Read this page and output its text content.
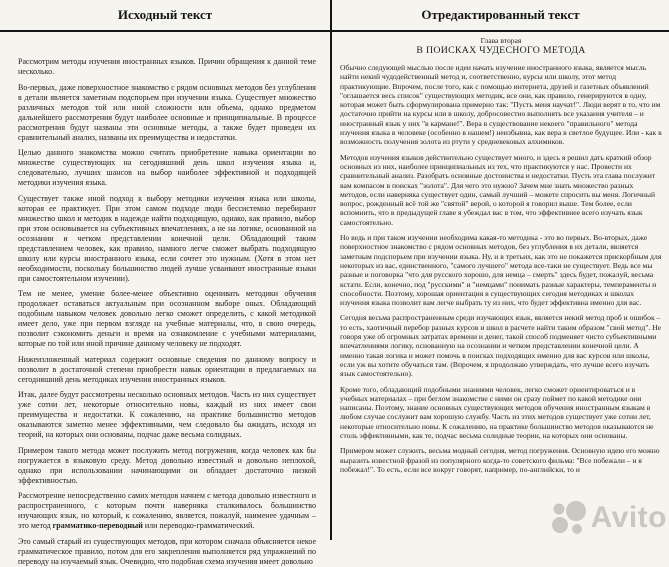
Исходный текст	Отредактированный текст

Рассмотрим методы изучения иностранных языков. Причин обращения к данной теме несколько.

Во-первых, даже поверхностное знакомство с рядом основных методов без углубления в детали является заметным подспорьем при изучении языка. Существует множество различных методов той или иной сложности или объема, однако предметом дальнейшего рассмотрения будут наиболее основные и принципиальные. В процессе рассмотрения будут названы эти основные методы, а также будет проведен их сравнительный анализ, названы их преимущества и недостатки.

Целью данного знакомства можно считать приобретение навыка ориентации во множестве существующих на сегодняшний день школ изучения языка и, следовательно, лучших шансов на выбор наиболее эффективной и подходящей методики изучения языка.

Существует также иной подход к выбору методики изучения языка или школы, которая ее практикует. При этом самом подходе люди бессистемно перебирают множество школ и методик в надежде найти подходящую, однако, как правило, выбор при этом основывается на субъективных впечатлениях, а не на логике, основанной на осознании и четком представлении конечной цели. Обладающий таким представлением человек, как правило, намного легче сможет выбрать подходящую школу или курсы иностранного языка, если сочтет это нужным. (Хотя в этом нет необходимости, поскольку большинство людей лучше усваивают иностранные языки при самостоятельном изучении).

Тем не менее, умение более-менее объективно оценивать методики обучения продолжает оставаться актуальным при осознанном выборе оных. Обладающий подобным навыком человек довольно легко сможет определить, с какой методикой имеет дело, уже при первом взгляде на учебные материалы, что, в свою очередь, позволит сэкономить деньги и время на ознакомление с учебными материалами, которые по той или иной причине данному человеку не подходят.

Нижеизложенный материал содержит основные сведения по данному вопросу и позволит в достаточной степени приобрести навык ориентации в предлагаемых на сегодняшний день методиках изучения иностранных языков.

Итак, далее будут рассмотрены несколько основных методов. Часть из них существует уже сотни лет, некоторые относительно новы, каждый из них имеет свои преимущества и недостатки. К сожалению, на практике большинство методов оказываются заметно менее эффективными, чем следовало бы ожидать, исходя из теорий, на которых они основаны, подчас даже весьма солидных.

Примером такого метода может послужить метод погружения, когда человек как бы погружается в языковую среду. Метод довольно известный и довольно неплохой, однако при использовании начинающими он обладает достаточно низкой эффективностью.

Рассмотрение непосредственно самих методов начнем с метода довольно известного и распространенного, с которым почти наверняка сталкивалось большинство изучающих язык, но который, к сожалению, является, пожалуй, наименее удачным – это метод грамматико-переводный или переводко-грамматический.

Это самый старый из существующих методов, при котором сначала объясняется некое грамматическое правило, потом для его закрепления выполняется ряд упражнений по переводу на изучаемый язык. Очевидно, что подобная схема изучения имеет довольно

Глава вторая
В ПОИСКАХ ЧУДЕСНОГО МЕТОДА

Обычно следующей мыслью после идеи начать изучение иностранного языка, является мысль найти некий чудодейственный метод и, соответственно, курсы или школу, этот метод практикующие. Впрочем, после того, как с помощью интернета, друзей и газетных объявлений "оглашается весь список" существующих методик, все они, как правило, генерируются в одну, которая может быть сформулирована примерно так: "Пусть меня научат!". Люди верят в то, что им достаточно прийти на курсы или в школу, добросовестно выполнять все указания учителя – и иностранный язык у них "в кармане!". Вера в существование некоего "правильного" метода изучения языка в человеке (особенно в нашем!) неизбывна, как вера в светлое будущее. Или - как в возможность получения золота из ртути у средневековых алхимиков.

Методов изучения языков действительно существует много, и здесь я решил дать краткий обзор основных из них, наиболее принципиальных из тех, что практикуются у нас. Провести их сравнительный анализ. Разобрать основные достоинства и недостатки. Пусть эта глава послужит вам компасом в поисках "золота". Для чего это нужно? Зачем мне знать множество разных методов, если наверняка существует один, самый лучший – можете спросить вы меня. Логичный вопрос, рожденный всё той же "святой" верой, о которой я говорил выше. Тем более, если вспомнить, что в предыдущей главе я убеждал вас в том, что эффективнее всего изучать язык самостоятельно.

Но ведь и при таком изучении необходима какая-то методика - это во первых. Во-вторых, даже поверхностное знакомство с рядом основных методов, без углубления в их детали, является заметным подспорьем при изучении языка. Ну, и в третьих, как это не покажется прискорбным для некоторых из вас, единственного, "самого лучшего" метода все-таки не существует. Ведь все мы разные и поговорка "что для русского хорошо, для немца – смерть" здесь будет, пожалуй, весьма кстати. Если, конечно, под "русскими" и "немцами" понимать разные характеры, темпераменты и способности. Поэтому, хорошая ориентация в существующих сегодня методиках и школах изучения языка позволит вам легче выбрать ту из них, что будет эффективна именно для вас.

Сегодня весьма распространенным среди изучающих язык, является некий метод проб и ошибок – то есть, хаотичный перебор разных курсов и школ в расчете найти таким образом "свой метод". Не говоря уже об огромных затратах времени и денег, такой способ подменяет чисто субъективными впечатлениями логику, основанную на осознании и четком представлении конечной цели. А именно такая логика и может помочь в поисках подходящих именно для вас курсов или школы, если уж вы хотите обучаться там. (Впрочем, я продолжаю утверждать, что лучше всего изучать язык самостоятельно).

Кроме того, обладающий подобными знаниями человек, легко сможет ориентироваться и в учебных материалах – при беглом знакомстве с ними он сразу поймет по какой методике они написаны. Поэтому, знание основных существующих методов обучения иностранным языкам в любом случае сослужит вам хорошую службу. Часть из этих методов существует уже сотни лет, некоторые относительно новы. К сожалению, на практике большинство методов оказываются не столь эффективными, как те, подчас весьма солидные теории, на которых они основаны.

Примером может служить, весьма модный сегодня, метод погружения. Основную идею его можно выразить известной фразой из популярного когда-то советского фильма: "Все побежали – и я побежал!". То есть, если все вокруг говорят, например, по-английски, то и

Avito
